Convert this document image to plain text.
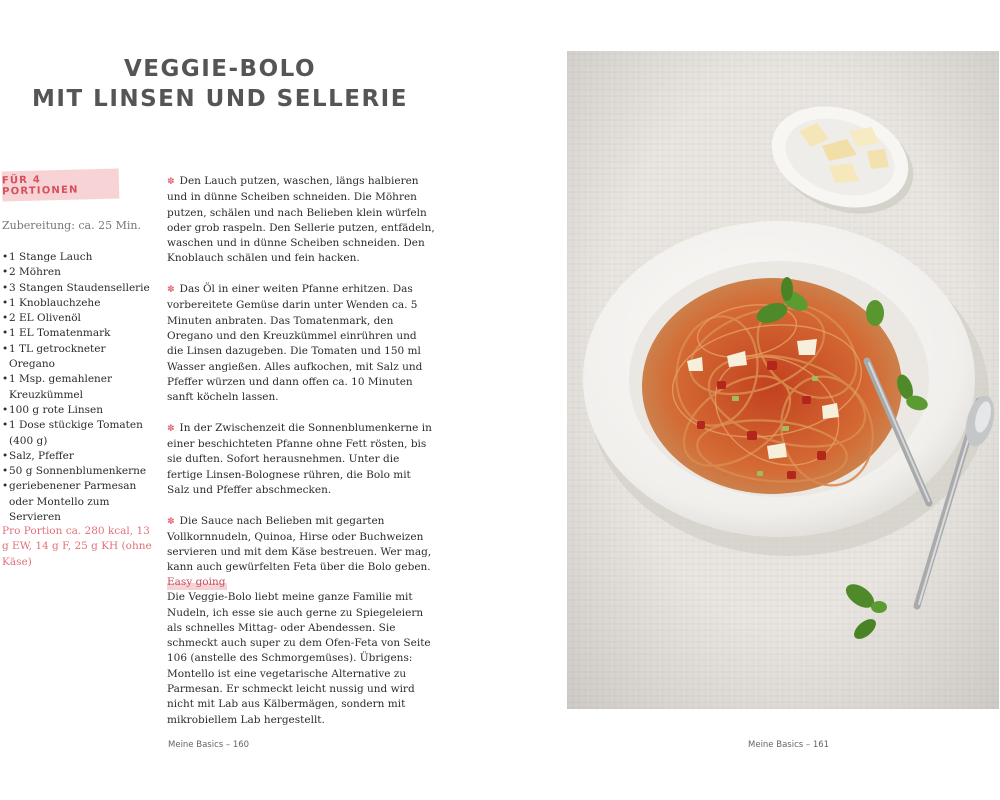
VEGGIE-BOLO
MIT LINSEN UND SELLERIE
FÜR 4 PORTIONEN
Zubereitung: ca. 25 Min.
• 1 Stange Lauch
• 2 Möhren
• 3 Stangen Staudensellerie
• 1 Knoblauchzehe
• 2 EL Olivenöl
• 1 EL Tomatenmark
• 1 TL getrockneter Oregano
• 1 Msp. gemahlener Kreuzkümmel
• 100 g rote Linsen
• 1 Dose stückige Tomaten (400 g)
• Salz, Pfeffer
• 50 g Sonnenblumenkerne
• geriebenener Parmesan oder Montello zum Servieren
Pro Portion ca. 280 kcal, 13 g EW, 14 g F, 25 g KH (ohne Käse)

✽ Den Lauch putzen, waschen, längs halbieren und in dünne Scheiben schneiden. Die Möhren putzen, schälen und nach Belieben klein würfeln oder grob raspeln. Den Sellerie putzen, entfädeln, waschen und in dünne Scheiben schneiden. Den Knoblauch schälen und fein hacken.

✽ Das Öl in einer weiten Pfanne erhitzen. Das vorbereitete Gemüse darin unter Wenden ca. 5 Minuten anbraten. Das Tomatenmark, den Oregano und den Kreuzkümmel einrühren und die Linsen dazugeben. Die Tomaten und 150 ml Wasser angießen. Alles aufkochen, mit Salz und Pfeffer würzen und dann offen ca. 10 Minuten sanft köcheln lassen.

✽ In der Zwischenzeit die Sonnenblumenkerne in einer beschichteten Pfanne ohne Fett rösten, bis sie duften. Sofort herausnehmen. Unter die fertige Linsen-Bolognese rühren, die Bolo mit Salz und Pfeffer abschmecken.

✽ Die Sauce nach Belieben mit gegarten Vollkornnudeln, Quinoa, Hirse oder Buchweizen servieren und mit dem Käse bestreuen. Wer mag, kann auch gewürfelten Feta über die Bolo geben.

Easy going

Die Veggie-Bolo liebt meine ganze Familie mit Nudeln, ich esse sie auch gerne zu Spiegeleiern als schnelles Mittag- oder Abendessen. Sie schmeckt auch super zu dem Ofen-Feta von Seite 106 (anstelle des Schmorgemüses). Übrigens: Montello ist eine vegetarische Alternative zu Parmesan. Er schmeckt leicht nussig und wird nicht mit Lab aus Kälbermägen, sondern mit mikrobiellem Lab hergestellt.

Meine Basics – 160	Meine Basics – 161
